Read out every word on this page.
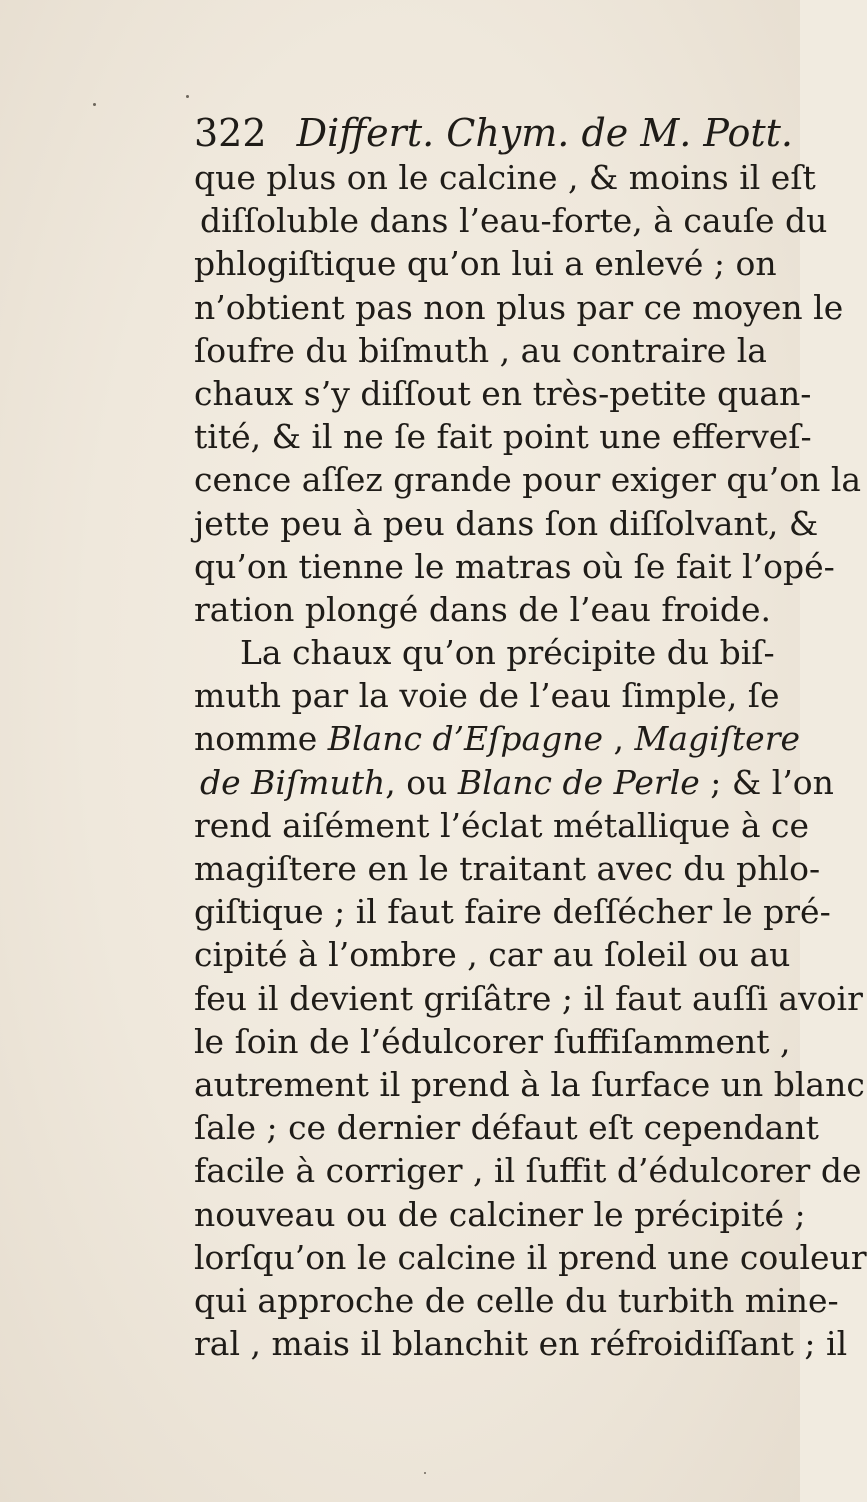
322 Differt. Chym. de M. Pott.
que plus on le calcine , & moins il eſt
diſſoluble dans l’eau-forte, à cauſe du
phlogiſtique qu’on lui a enlevé ; on
n’obtient pas non plus par ce moyen le
ſoufre du biſmuth , au contraire la
chaux s’y diſſout en très-petite quan-
tité, & il ne ſe fait point une efferveſ-
cence aſſez grande pour exiger qu’on la
jette peu à peu dans ſon diſſolvant, &
qu’on tienne le matras où ſe fait l’opé-
ration plongé dans de l’eau froide.
La chaux qu’on précipite du biſ-
muth par la voie de l’eau ſimple, ſe
nomme Blanc d’Eſpagne , Magiſtere
de Biſmuth, ou Blanc de Perle ; & l’on
rend aiſément l’éclat métallique à ce
magiſtere en le traitant avec du phlo-
giſtique ; il faut faire deſſécher le pré-
cipité à l’ombre , car au ſoleil ou au
feu il devient griſâtre ; il faut auſſi avoir
le ſoin de l’édulcorer ſuffiſamment ,
autrement il prend à la ſurface un blanc
ſale ; ce dernier défaut eſt cependant
facile à corriger , il ſuffit d’édulcorer de
nouveau ou de calciner le précipité ;
lorſqu’on le calcine il prend une couleur
qui approche de celle du turbith mine-
ral , mais il blanchit en réfroidiſſant ; il
